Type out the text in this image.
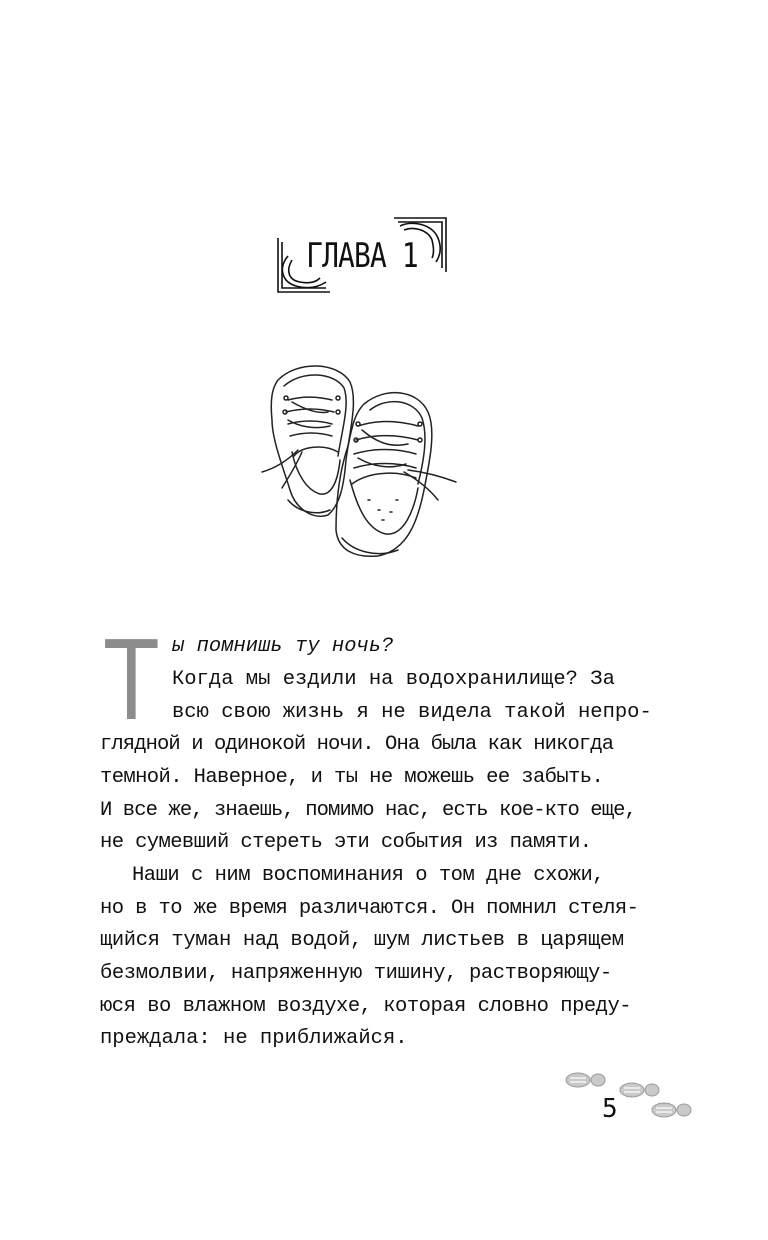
ГЛАВА 1
Т ы помнишь ту ночь?
Когда мы ездили на водохранилище? За
всю свою жизнь я не видела такой непро-
глядной и одинокой ночи. Она была как никогда
темной. Наверное, и ты не можешь ее забыть.
И все же, знаешь, помимо нас, есть кое-кто еще,
не сумевший стереть эти события из памяти.
Наши с ним воспоминания о том дне схожи,
но в то же время различаются. Он помнил стеля-
щийся туман над водой, шум листьев в царящем
безмолвии, напряженную тишину, растворяющу-
юся во влажном воздухе, которая словно преду-
преждала: не приближайся.
5
